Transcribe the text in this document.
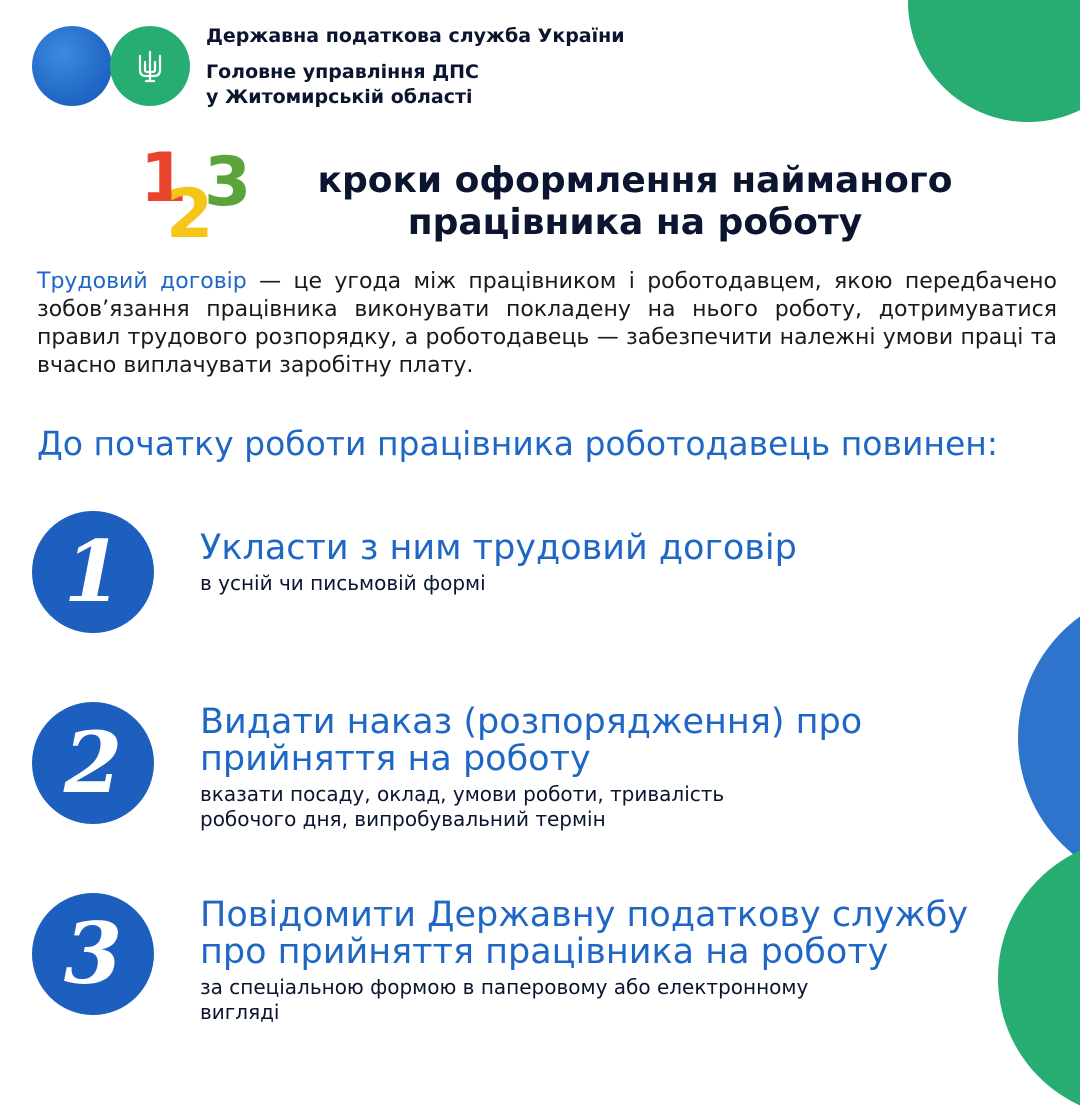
Державна податкова служба України
Головне управління ДПС
у Житомирській області
1 3
2	кроки оформлення найманого
працівника на роботу
Трудовий договір — це угода між працівником і роботодавцем, якою передбачено зобов’язання працівника виконувати покладену на нього роботу, дотримуватися правил трудового розпорядку, а роботодавець — забезпечити належні умови праці та вчасно виплачувати заробітну плату.
До початку роботи працівника роботодавець повинен:
1	Укласти з ним трудовий договір
в усній чи письмовій формі
2	Видати наказ (розпорядження) про
прийняття на роботу
вказати посаду, оклад, умови роботи, тривалість
робочого дня, випробувальний термін
3	Повідомити Державну податкову службу
про прийняття працівника на роботу
за спеціальною формою в паперовому або електронному
вигляді
